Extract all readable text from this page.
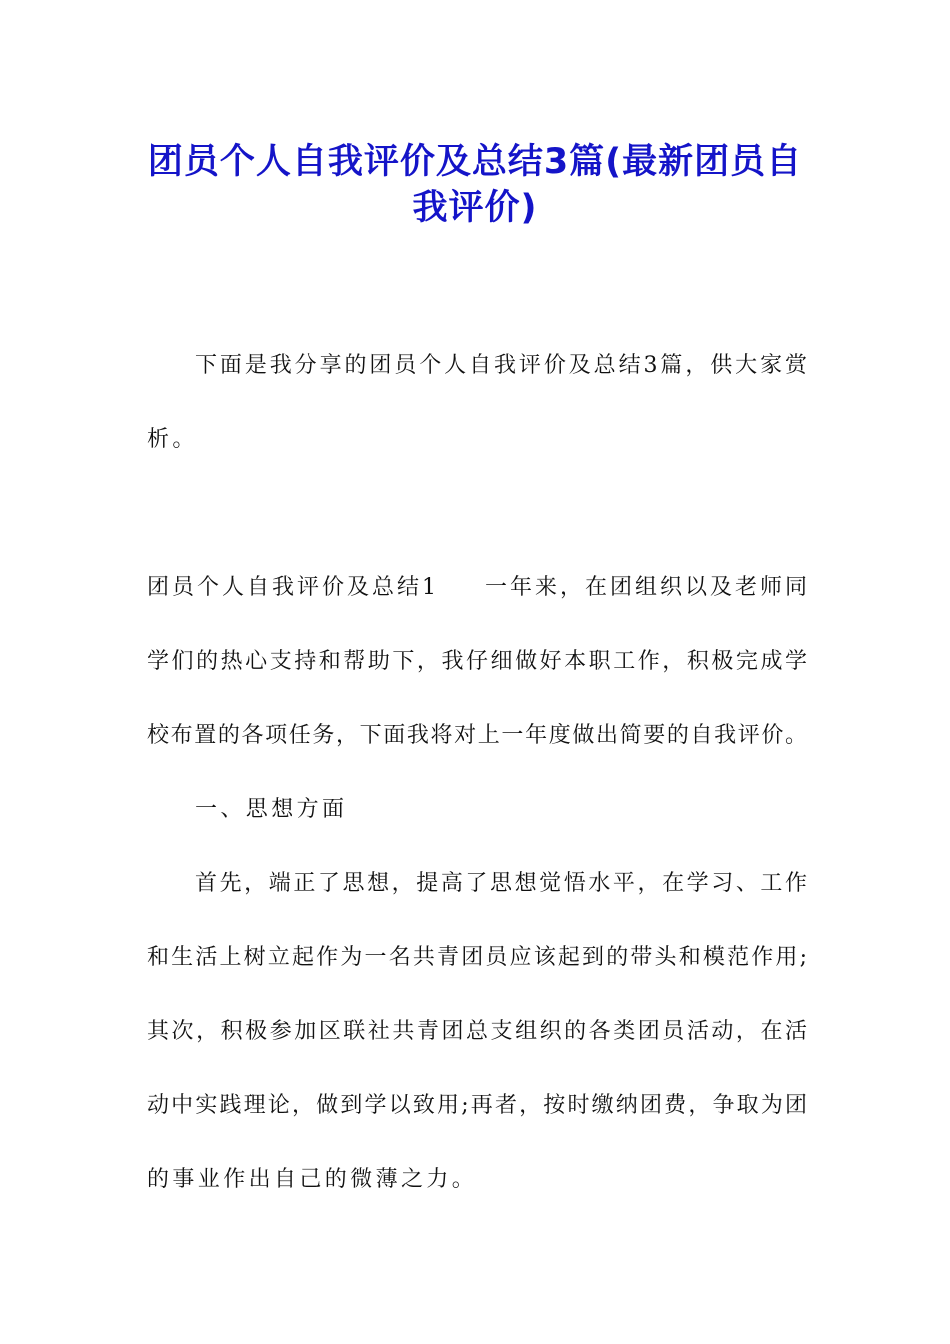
团员个人自我评价及总结3篇(最新团员自
我评价)
下面是我分享的团员个人自我评价及总结3篇，供大家赏
析。
团员个人自我评价及总结1 一年来，在团组织以及老师同
学们的热心支持和帮助下，我仔细做好本职工作，积极完成学
校布置的各项任务，下面我将对上一年度做出简要的自我评价。
一、思想方面
首先，端正了思想，提高了思想觉悟水平，在学习、工作
和生活上树立起作为一名共青团员应该起到的带头和模范作用;
其次，积极参加区联社共青团总支组织的各类团员活动，在活
动中实践理论，做到学以致用;再者，按时缴纳团费，争取为团
的事业作出自己的微薄之力。
